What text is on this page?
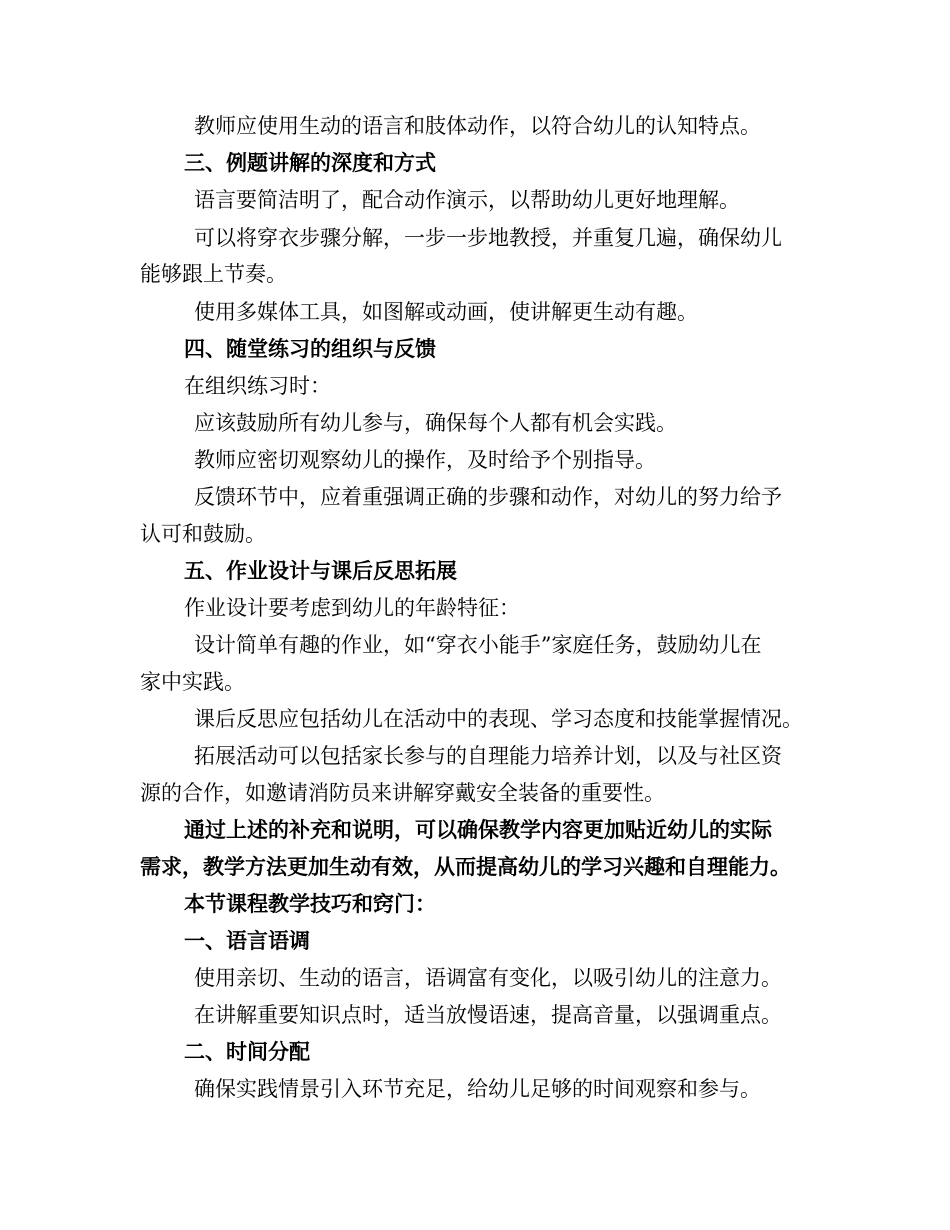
教师应使用生动的语言和肢体动作，以符合幼儿的认知特点。
三、例题讲解的深度和方式
语言要简洁明了，配合动作演示，以帮助幼儿更好地理解。
可以将穿衣步骤分解，一步一步地教授，并重复几遍，确保幼儿
能够跟上节奏。
使用多媒体工具，如图解或动画，使讲解更生动有趣。
四、随堂练习的组织与反馈
在组织练习时：
应该鼓励所有幼儿参与，确保每个人都有机会实践。
教师应密切观察幼儿的操作，及时给予个别指导。
反馈环节中，应着重强调正确的步骤和动作，对幼儿的努力给予
认可和鼓励。
五、作业设计与课后反思拓展
作业设计要考虑到幼儿的年龄特征：
设计简单有趣的作业，如“穿衣小能手”家庭任务，鼓励幼儿在
家中实践。
课后反思应包括幼儿在活动中的表现、学习态度和技能掌握情况。
拓展活动可以包括家长参与的自理能力培养计划，以及与社区资
源的合作，如邀请消防员来讲解穿戴安全装备的重要性。
通过上述的补充和说明，可以确保教学内容更加贴近幼儿的实际
需求，教学方法更加生动有效，从而提高幼儿的学习兴趣和自理能力。
本节课程教学技巧和窍门：
一、语言语调
使用亲切、生动的语言，语调富有变化，以吸引幼儿的注意力。
在讲解重要知识点时，适当放慢语速，提高音量，以强调重点。
二、时间分配
确保实践情景引入环节充足，给幼儿足够的时间观察和参与。
